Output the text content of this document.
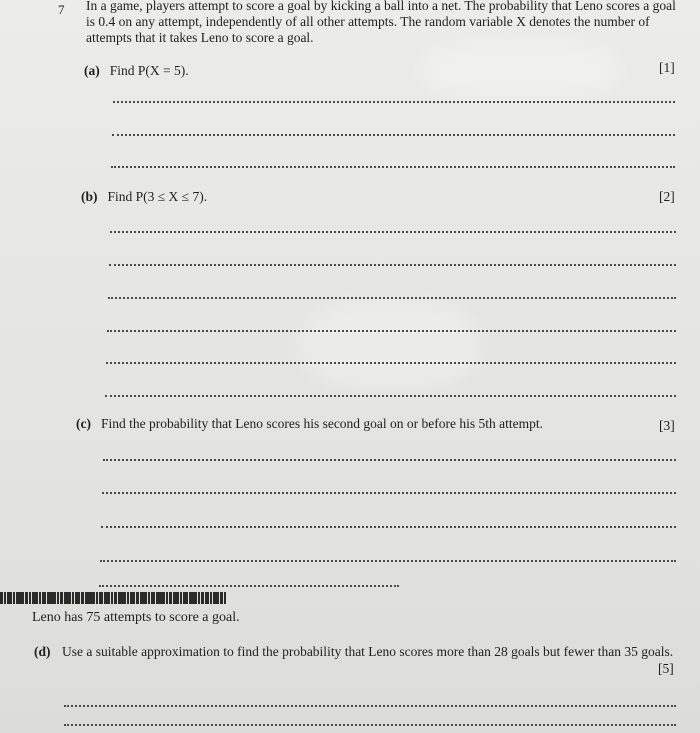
7 In a game, players attempt to score a goal by kicking a ball into a net. The probability that Leno scores a goal is 0.4 on any attempt, independently of all other attempts. The random variable X denotes the number of attempts that it takes Leno to score a goal.
(a) Find P(X = 5).	[1]
(b) Find P(3 ≤ X ≤ 7).	[2]
(c) Find the probability that Leno scores his second goal on or before his 5th attempt.	[3]
Leno has 75 attempts to score a goal.
(d) Use a suitable approximation to find the probability that Leno scores more than 28 goals but fewer than 35 goals.
[5]
